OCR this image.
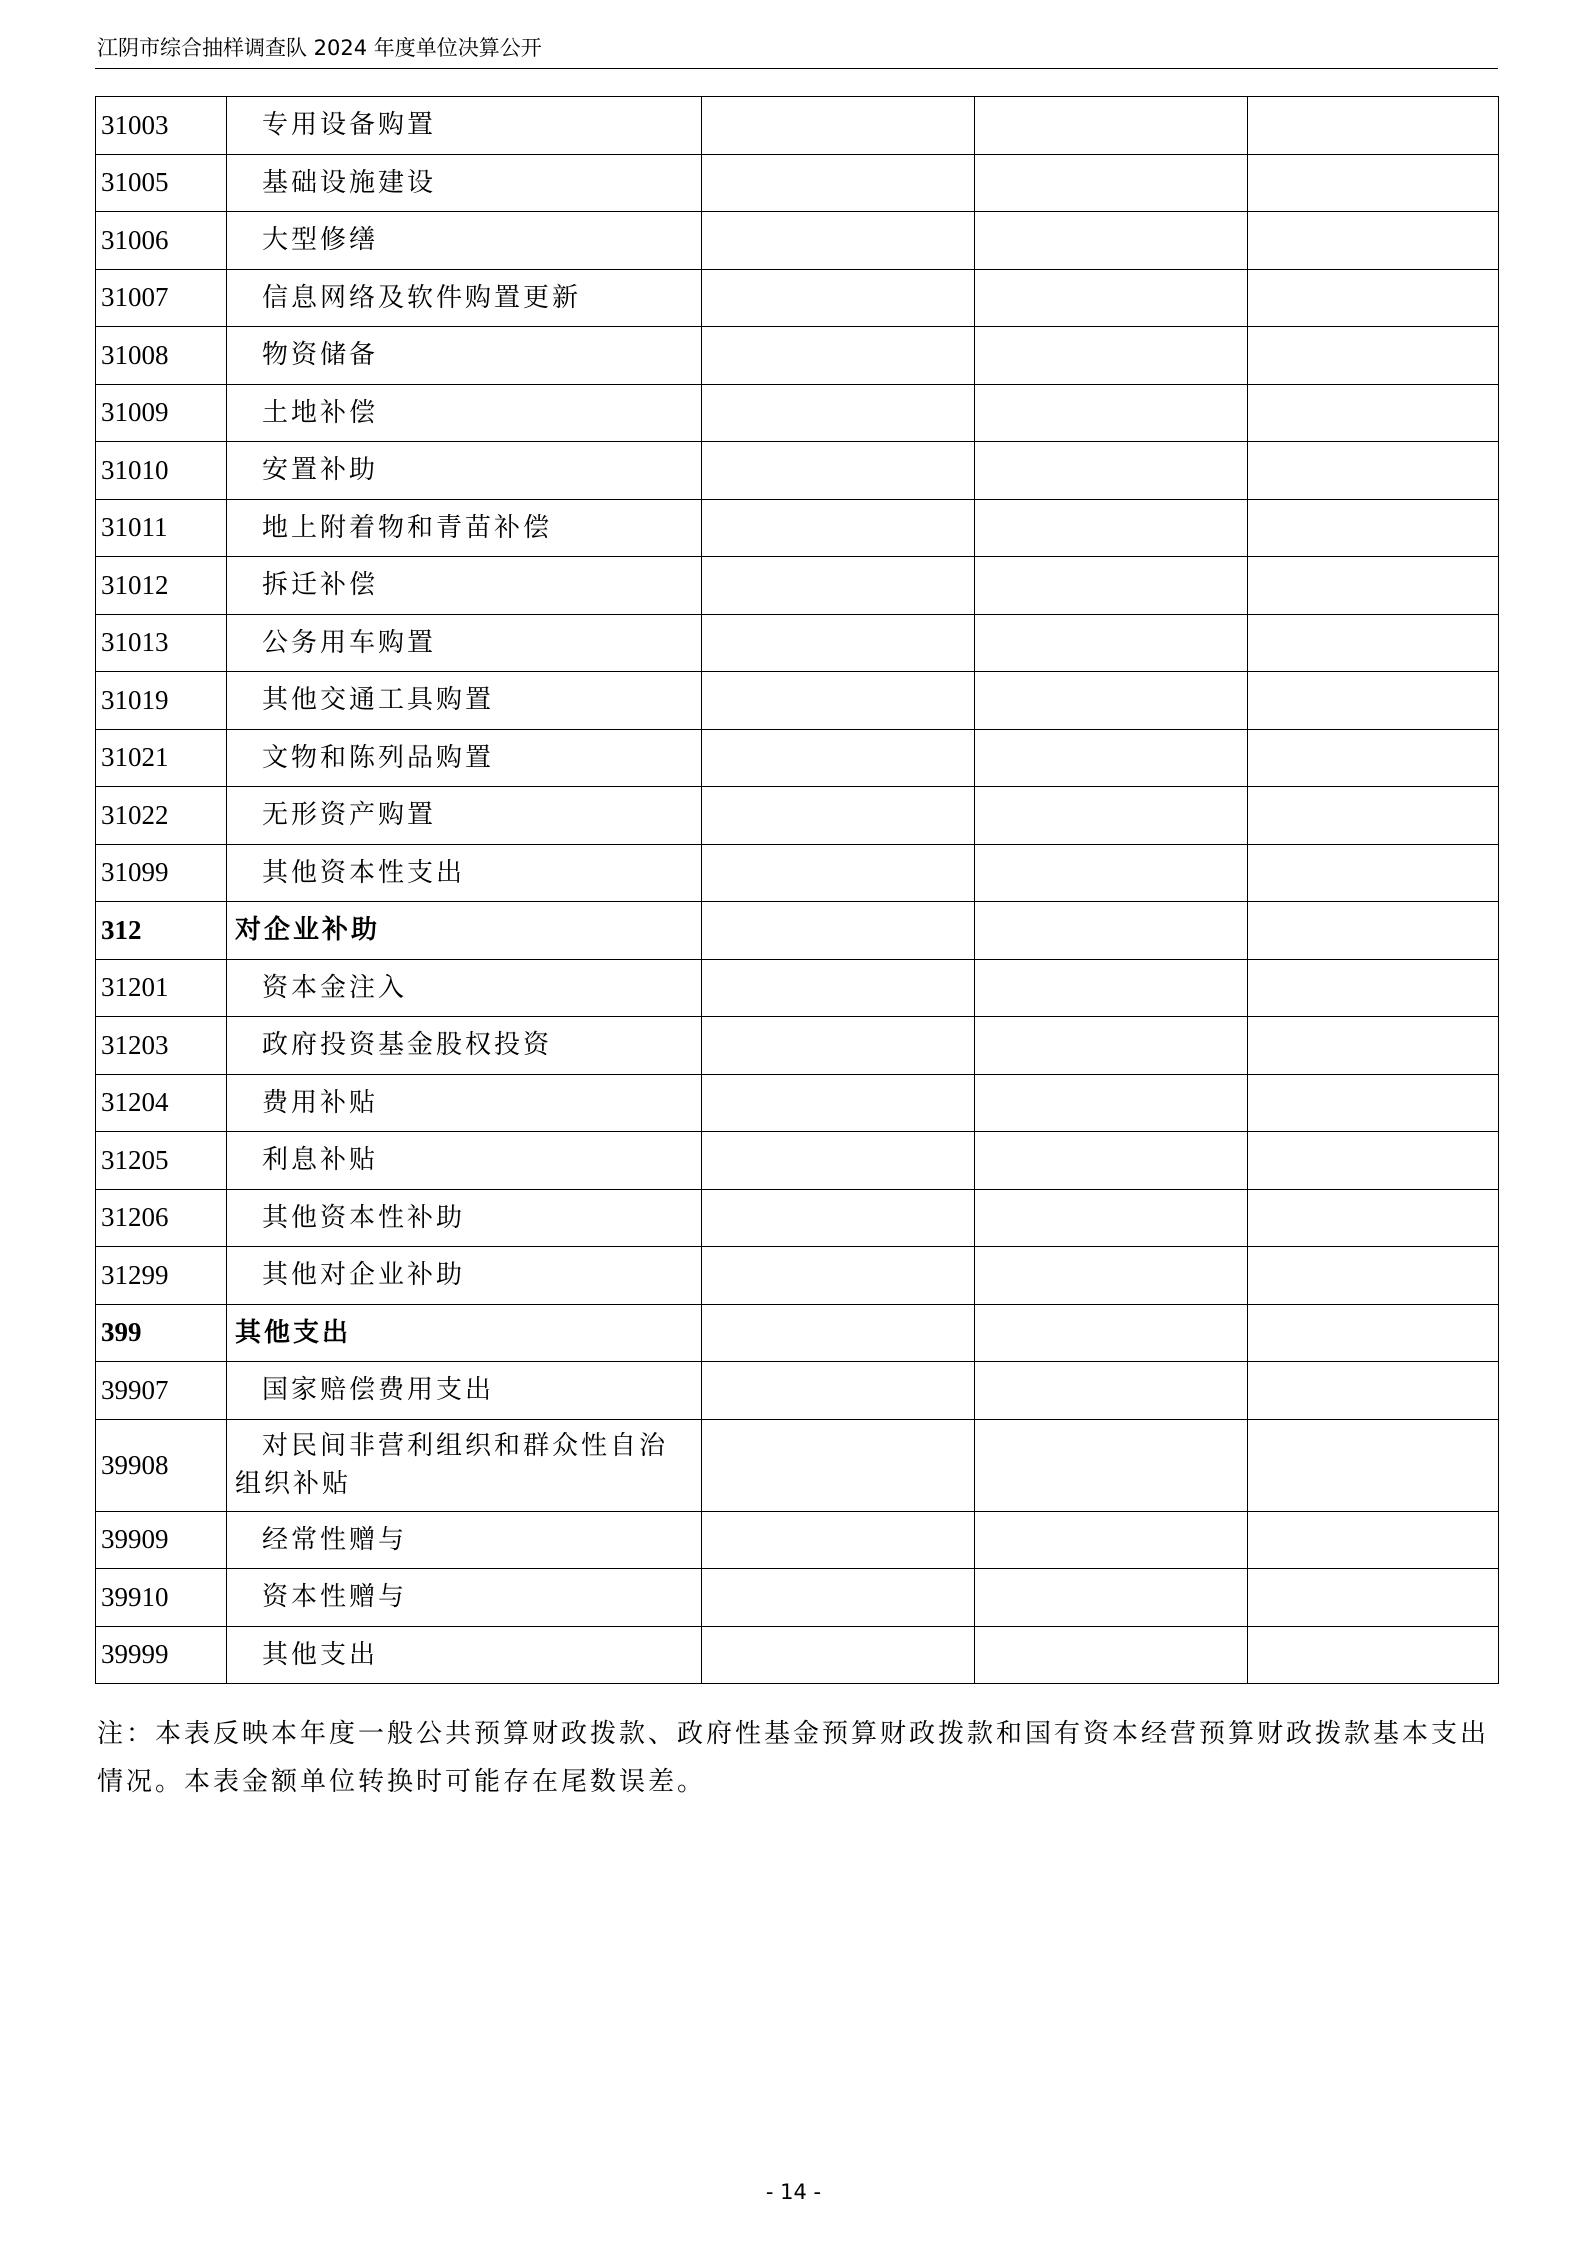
江阴市综合抽样调查队 2024 年度单位决算公开
31003	专用设备购置			
31005	基础设施建设			
31006	大型修缮			
31007	信息网络及软件购置更新			
31008	物资储备			
31009	土地补偿			
31010	安置补助			
31011	地上附着物和青苗补偿			
31012	拆迁补偿			
31013	公务用车购置			
31019	其他交通工具购置			
31021	文物和陈列品购置			
31022	无形资产购置			
31099	其他资本性支出			
312	对企业补助			
31201	资本金注入			
31203	政府投资基金股权投资			
31204	费用补贴			
31205	利息补贴			
31206	其他资本性补助			
31299	其他对企业补助			
399	其他支出			
39907	国家赔偿费用支出			
39908	对民间非营利组织和群众性自治
组织补贴			
39909	经常性赠与			
39910	资本性赠与			
39999	其他支出			
注：本表反映本年度一般公共预算财政拨款、政府性基金预算财政拨款和国有资本经营预算财政拨款基本支出情况。本表金额单位转换时可能存在尾数误差。
- 14 -
